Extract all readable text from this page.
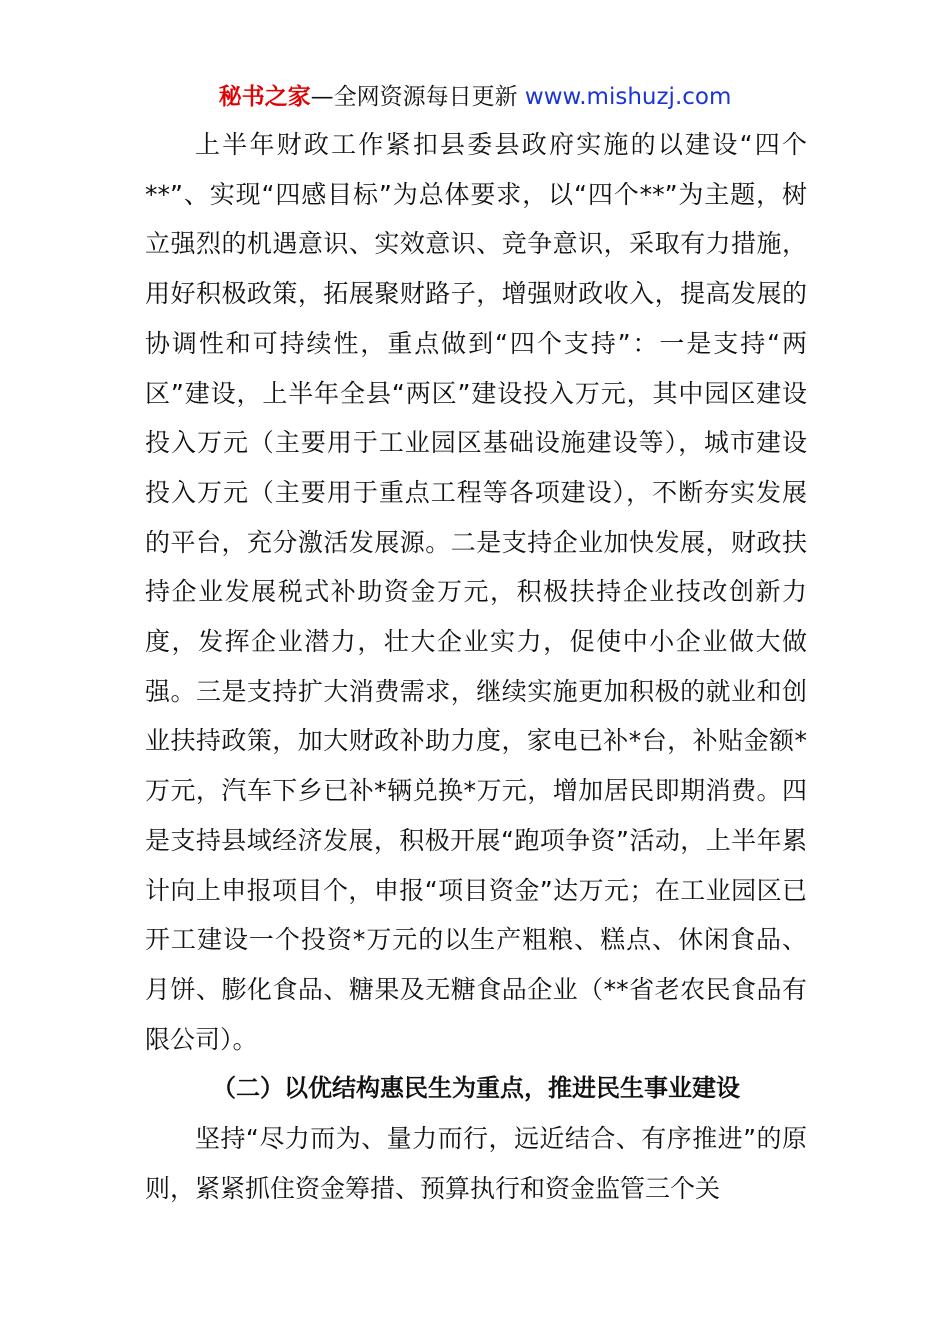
秘书之家—全网资源每日更新 www.mishuzj.com

上半年财政工作紧扣县委县政府实施的以建设“四个**”、实现“四感目标”为总体要求，以“四个**”为主题，树立强烈的机遇意识、实效意识、竞争意识，采取有力措施，用好积极政策，拓展聚财路子，增强财政收入，提高发展的协调性和可持续性，重点做到“四个支持”：一是支持“两区”建设，上半年全县“两区”建设投入万元，其中园区建设投入万元（主要用于工业园区基础设施建设等），城市建设投入万元（主要用于重点工程等各项建设），不断夯实发展的平台，充分激活发展源。二是支持企业加快发展，财政扶持企业发展税式补助资金万元，积极扶持企业技改创新力度，发挥企业潜力，壮大企业实力，促使中小企业做大做强。三是支持扩大消费需求，继续实施更加积极的就业和创业扶持政策，加大财政补助力度，家电已补*台，补贴金额*万元，汽车下乡已补*辆兑换*万元，增加居民即期消费。四是支持县域经济发展，积极开展“跑项争资”活动，上半年累计向上申报项目个，申报“项目资金”达万元；在工业园区已开工建设一个投资*万元的以生产粗粮、糕点、休闲食品、月饼、膨化食品、糖果及无糖食品企业（**省老农民食品有限公司）。

（二）以优结构惠民生为重点，推进民生事业建设

坚持“尽力而为、量力而行，远近结合、有序推进”的原则，紧紧抓住资金筹措、预算执行和资金监管三个关
